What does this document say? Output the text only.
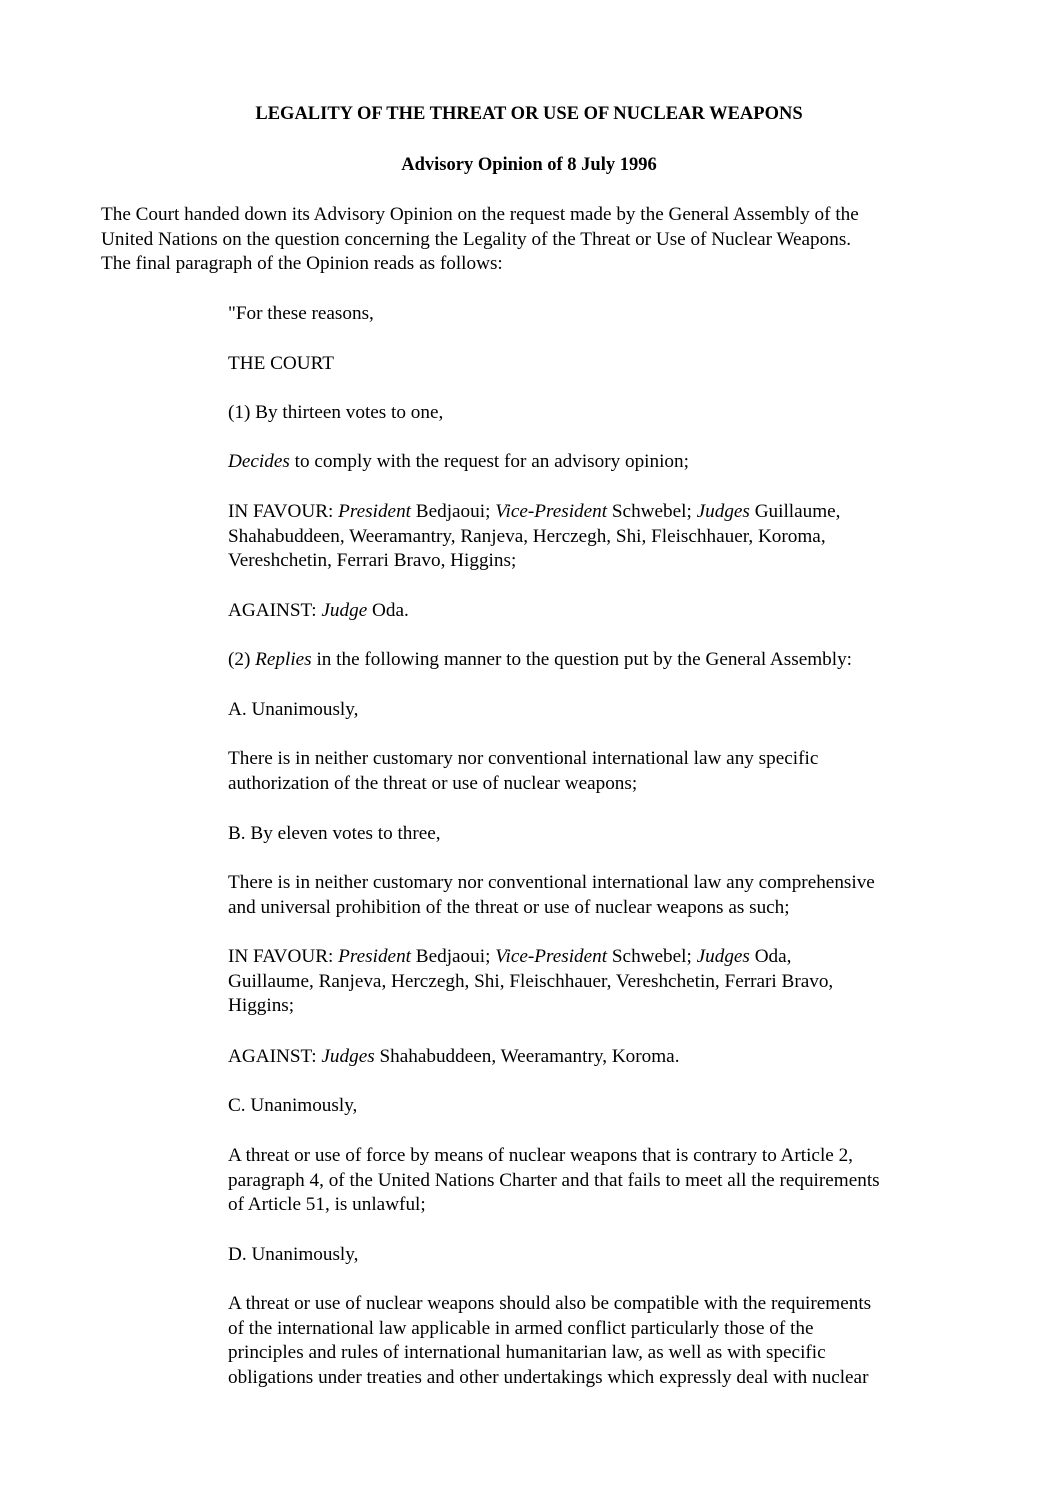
LEGALITY OF THE THREAT OR USE OF NUCLEAR WEAPONS
Advisory Opinion of 8 July 1996
The Court handed down its Advisory Opinion on the request made by the General Assembly of the
United Nations on the question concerning the Legality of the Threat or Use of Nuclear Weapons.
The final paragraph of the Opinion reads as follows:
"For these reasons,
THE COURT
(1) By thirteen votes to one,
Decides to comply with the request for an advisory opinion;
IN FAVOUR: President Bedjaoui; Vice-President Schwebel; Judges Guillaume,
Shahabuddeen, Weeramantry, Ranjeva, Herczegh, Shi, Fleischhauer, Koroma,
Vereshchetin, Ferrari Bravo, Higgins;
AGAINST: Judge Oda.
(2) Replies in the following manner to the question put by the General Assembly:
A. Unanimously,
There is in neither customary nor conventional international law any specific
authorization of the threat or use of nuclear weapons;
B. By eleven votes to three,
There is in neither customary nor conventional international law any comprehensive
and universal prohibition of the threat or use of nuclear weapons as such;
IN FAVOUR: President Bedjaoui; Vice-President Schwebel; Judges Oda,
Guillaume, Ranjeva, Herczegh, Shi, Fleischhauer, Vereshchetin, Ferrari Bravo,
Higgins;
AGAINST: Judges Shahabuddeen, Weeramantry, Koroma.
C. Unanimously,
A threat or use of force by means of nuclear weapons that is contrary to Article 2,
paragraph 4, of the United Nations Charter and that fails to meet all the requirements
of Article 51, is unlawful;
D. Unanimously,
A threat or use of nuclear weapons should also be compatible with the requirements
of the international law applicable in armed conflict particularly those of the
principles and rules of international humanitarian law, as well as with specific
obligations under treaties and other undertakings which expressly deal with nuclear
